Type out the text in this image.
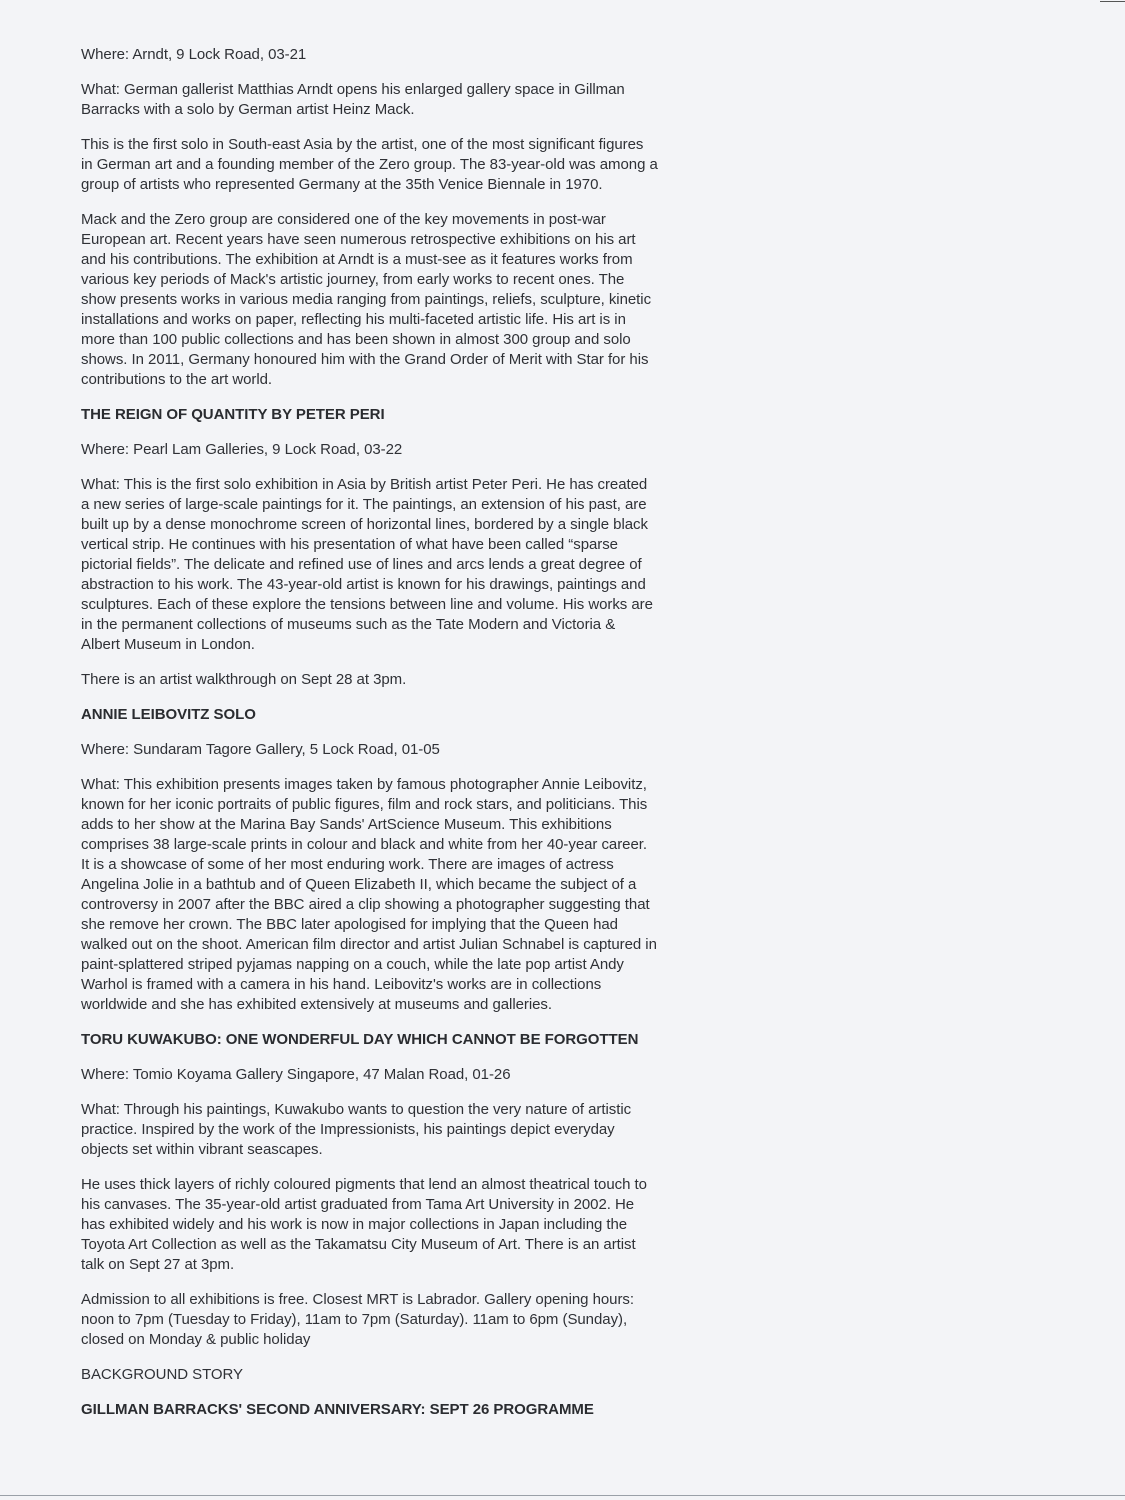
Where: Arndt, 9 Lock Road, 03-21

What: German gallerist Matthias Arndt opens his enlarged gallery space in Gillman
Barracks with a solo by German artist Heinz Mack.

This is the first solo in South-east Asia by the artist, one of the most significant figures
in German art and a founding member of the Zero group. The 83-year-old was among a
group of artists who represented Germany at the 35th Venice Biennale in 1970.

Mack and the Zero group are considered one of the key movements in post-war
European art. Recent years have seen numerous retrospective exhibitions on his art
and his contributions. The exhibition at Arndt is a must-see as it features works from
various key periods of Mack's artistic journey, from early works to recent ones. The
show presents works in various media ranging from paintings, reliefs, sculpture, kinetic
installations and works on paper, reflecting his multi-faceted artistic life. His art is in
more than 100 public collections and has been shown in almost 300 group and solo
shows. In 2011, Germany honoured him with the Grand Order of Merit with Star for his
contributions to the art world.

THE REIGN OF QUANTITY BY PETER PERI

Where: Pearl Lam Galleries, 9 Lock Road, 03-22

What: This is the first solo exhibition in Asia by British artist Peter Peri. He has created
a new series of large-scale paintings for it. The paintings, an extension of his past, are
built up by a dense monochrome screen of horizontal lines, bordered by a single black
vertical strip. He continues with his presentation of what have been called “sparse
pictorial fields”. The delicate and refined use of lines and arcs lends a great degree of
abstraction to his work. The 43-year-old artist is known for his drawings, paintings and
sculptures. Each of these explore the tensions between line and volume. His works are
in the permanent collections of museums such as the Tate Modern and Victoria &
Albert Museum in London.

There is an artist walkthrough on Sept 28 at 3pm.

ANNIE LEIBOVITZ SOLO

Where: Sundaram Tagore Gallery, 5 Lock Road, 01-05

What: This exhibition presents images taken by famous photographer Annie Leibovitz,
known for her iconic portraits of public figures, film and rock stars, and politicians. This
adds to her show at the Marina Bay Sands' ArtScience Museum. This exhibitions
comprises 38 large-scale prints in colour and black and white from her 40-year career.
It is a showcase of some of her most enduring work. There are images of actress
Angelina Jolie in a bathtub and of Queen Elizabeth II, which became the subject of a
controversy in 2007 after the BBC aired a clip showing a photographer suggesting that
she remove her crown. The BBC later apologised for implying that the Queen had
walked out on the shoot. American film director and artist Julian Schnabel is captured in
paint-splattered striped pyjamas napping on a couch, while the late pop artist Andy
Warhol is framed with a camera in his hand. Leibovitz's works are in collections
worldwide and she has exhibited extensively at museums and galleries.

TORU KUWAKUBO: ONE WONDERFUL DAY WHICH CANNOT BE FORGOTTEN

Where: Tomio Koyama Gallery Singapore, 47 Malan Road, 01-26

What: Through his paintings, Kuwakubo wants to question the very nature of artistic
practice. Inspired by the work of the Impressionists, his paintings depict everyday
objects set within vibrant seascapes.

He uses thick layers of richly coloured pigments that lend an almost theatrical touch to
his canvases. The 35-year-old artist graduated from Tama Art University in 2002. He
has exhibited widely and his work is now in major collections in Japan including the
Toyota Art Collection as well as the Takamatsu City Museum of Art. There is an artist
talk on Sept 27 at 3pm.

Admission to all exhibitions is free. Closest MRT is Labrador. Gallery opening hours:
noon to 7pm (Tuesday to Friday), 11am to 7pm (Saturday). 11am to 6pm (Sunday),
closed on Monday & public holiday

BACKGROUND STORY

GILLMAN BARRACKS' SECOND ANNIVERSARY: SEPT 26 PROGRAMME
